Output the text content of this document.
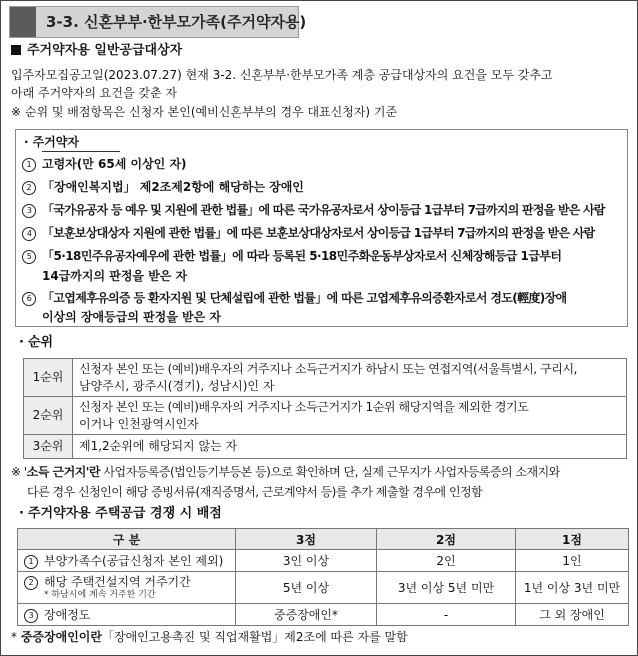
3-3. 신혼부부·한부모가족(주거약자용)
주거약자용 일반공급대상자
입주자모집공고일(2023.07.27) 현재 3-2. 신혼부부·한부모가족 계층 공급대상자의 요건을 모두 갖추고
아래 주거약자의 요건을 갖춘 자
※ 순위 및 배점항목은 신청자 본인(예비신혼부부의 경우 대표신청자) 기준
· 주거약자
1 고령자(만 65세 이상인 자)
2 「장애인복지법」 제2조제2항에 해당하는 장애인
3 「국가유공자 등 예우 및 지원에 관한 법률」에 따른 국가유공자로서 상이등급 1급부터 7급까지의 판정을 받은 사람
4 「보훈보상대상자 지원에 관한 법률」에 따른 보훈보상대상자로서 상이등급 1급부터 7급까지의 판정을 받은 사람
5 「5·18민주유공자예우에 관한 법률」에 따라 등록된 5·18민주화운동부상자로서 신체장해등급 1급부터
14급까지의 판정을 받은 자
6 「고엽제후유의증 등 환자지원 및 단체설립에 관한 법률」에 따른 고엽제후유의증환자로서 경도(輕度)장애
이상의 장애등급의 판정을 받은 자
· 순위
1순위	신청자 본인 또는 (예비)배우자의 거주지나 소득근거지가 하남시 또는 연접지역(서울특별시, 구리시,
남양주시, 광주시(경기), 성남시)인 자

2순위	신청자 본인 또는 (예비)배우자의 거주지나 소득근거지가 1순위 해당지역을 제외한 경기도
이거나 인천광역시인자

3순위	제1,2순위에 해당되지 않는 자
※ '소득 근거지'란 사업자등록증(법인등기부등본 등)으로 확인하며 단, 실제 근무지가 사업자등록증의 소재지와
다른 경우 신청인이 해당 증빙서류(재직증명서, 근로계약서 등)를 추가 제출할 경우에 인정함
· 주거약자용 주택공급 경쟁 시 배점
구 분	3점	2점	1점
1 부양가족수(공급신청자 본인 제외)	3인 이상	2인	1인

2 해당 주택건설지역 거주기간
* 하남시에 계속 거주한 기간	5년 이상	3년 이상 5년 미만	1년 이상 3년 미만
3 장애정도	중증장애인*	-	그 외 장애인
* 중증장애인이란「장애인고용촉진 및 직업재활법」제2조에 따른 자를 말함
